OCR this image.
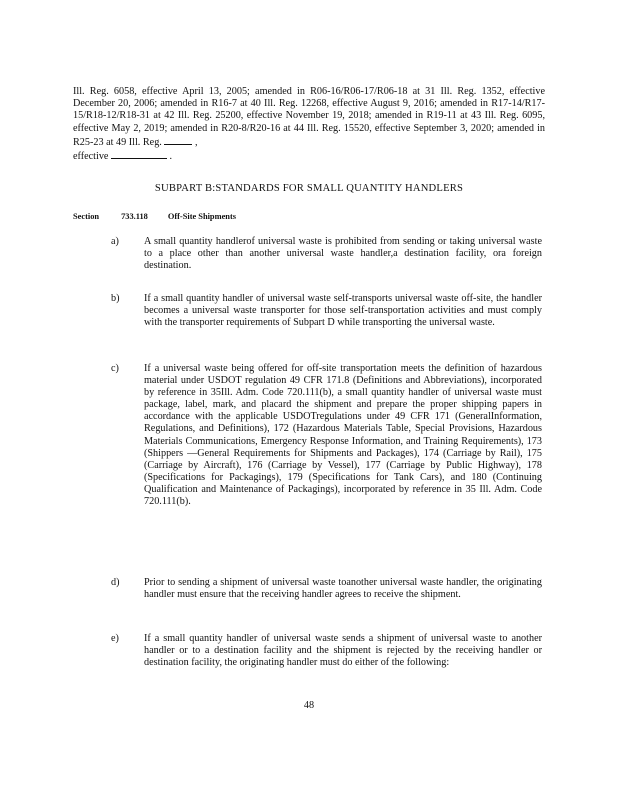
Ill. Reg. 6058, effective April 13, 2005; amended in R06-16/R06-17/R06-18 at 31 Ill. Reg. 1352, effective December 20, 2006; amended in R16-7 at 40 Ill. Reg. 12268, effective August 9, 2016; amended in R17-14/R17-15/R18-12/R18-31 at 42 Ill. Reg. 25200, effective November 19, 2018; amended in R19-11 at 43 Ill. Reg. 6095, effective May 2, 2019; amended in R20-8/R20-16 at 44 Ill. Reg. 15520, effective September 3, 2020; amended in R25-23 at 49 Ill. Reg.	,
effective	.

SUBPART B:STANDARDS FOR SMALL QUANTITY HANDLERS

Section	733.118 Off-Site Shipments

a) A small quantity handlerof universal waste is prohibited from sending or taking universal waste to a place other than another universal waste handler,a destination facility, ora foreign destination.

b) If a small quantity handler of universal waste self-transports universal waste off-site, the handler becomes a universal waste transporter for those self-transportation activities and must comply with the transporter requirements of Subpart D while transporting the universal waste.

c) If a universal waste being offered for off-site transportation meets the definition of hazardous material under USDOT regulation 49 CFR 171.8 (Definitions and Abbreviations), incorporated by reference in 35Ill. Adm. Code 720.111(b), a small quantity handler of universal waste must package, label, mark, and placard the shipment and prepare the proper shipping papers in accordance with the applicable USDOTregulations under 49 CFR 171 (GeneralInformation, Regulations, and Definitions), 172 (Hazardous Materials Table, Special Provisions, Hazardous Materials Communications, Emergency Response Information, and Training Requirements), 173 (Shippers —General Requirements for Shipments and Packages), 174 (Carriage by Rail), 175 (Carriage by Aircraft), 176 (Carriage by Vessel), 177 (Carriage by Public Highway), 178 (Specifications for Packagings), 179 (Specifications for Tank Cars), and 180 (Continuing Qualification and Maintenance of Packagings), incorporated by reference in 35 Ill. Adm. Code 720.111(b).

d) Prior to sending a shipment of universal waste toanother universal waste handler, the originating handler must ensure that the receiving handler agrees to receive the shipment.

e) If a small quantity handler of universal waste sends a shipment of universal waste to another handler or to a destination facility and the shipment is rejected by the receiving handler or destination facility, the originating handler must do either of the following:

48
